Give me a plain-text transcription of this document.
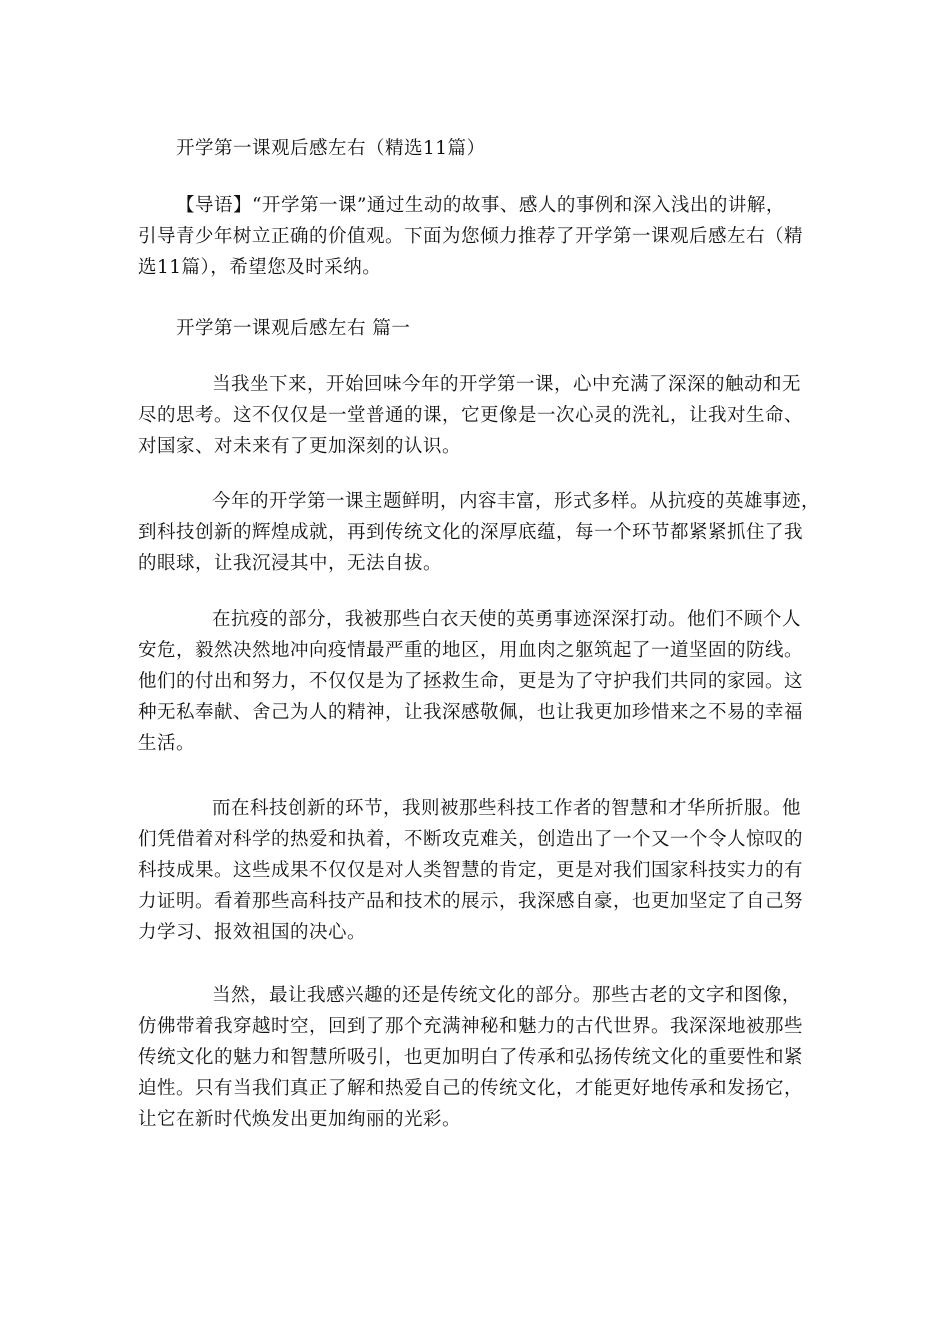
开学第一课观后感左右（精选11篇）
【导语】“开学第一课”通过生动的故事、感人的事例和深入浅出的讲解，
引导青少年树立正确的价值观。下面为您倾力推荐了开学第一课观后感左右（精
选11篇），希望您及时采纳。
开学第一课观后感左右 篇一
当我坐下来，开始回味今年的开学第一课，心中充满了深深的触动和无
尽的思考。这不仅仅是一堂普通的课，它更像是一次心灵的洗礼，让我对生命、
对国家、对未来有了更加深刻的认识。
今年的开学第一课主题鲜明，内容丰富，形式多样。从抗疫的英雄事迹，
到科技创新的辉煌成就，再到传统文化的深厚底蕴，每一个环节都紧紧抓住了我
的眼球，让我沉浸其中，无法自拔。
在抗疫的部分，我被那些白衣天使的英勇事迹深深打动。他们不顾个人
安危，毅然决然地冲向疫情最严重的地区，用血肉之躯筑起了一道坚固的防线。
他们的付出和努力，不仅仅是为了拯救生命，更是为了守护我们共同的家园。这
种无私奉献、舍己为人的精神，让我深感敬佩，也让我更加珍惜来之不易的幸福
生活。
而在科技创新的环节，我则被那些科技工作者的智慧和才华所折服。他
们凭借着对科学的热爱和执着，不断攻克难关，创造出了一个又一个令人惊叹的
科技成果。这些成果不仅仅是对人类智慧的肯定，更是对我们国家科技实力的有
力证明。看着那些高科技产品和技术的展示，我深感自豪，也更加坚定了自己努
力学习、报效祖国的决心。
当然，最让我感兴趣的还是传统文化的部分。那些古老的文字和图像，
仿佛带着我穿越时空，回到了那个充满神秘和魅力的古代世界。我深深地被那些
传统文化的魅力和智慧所吸引，也更加明白了传承和弘扬传统文化的重要性和紧
迫性。只有当我们真正了解和热爱自己的传统文化，才能更好地传承和发扬它，
让它在新时代焕发出更加绚丽的光彩。
